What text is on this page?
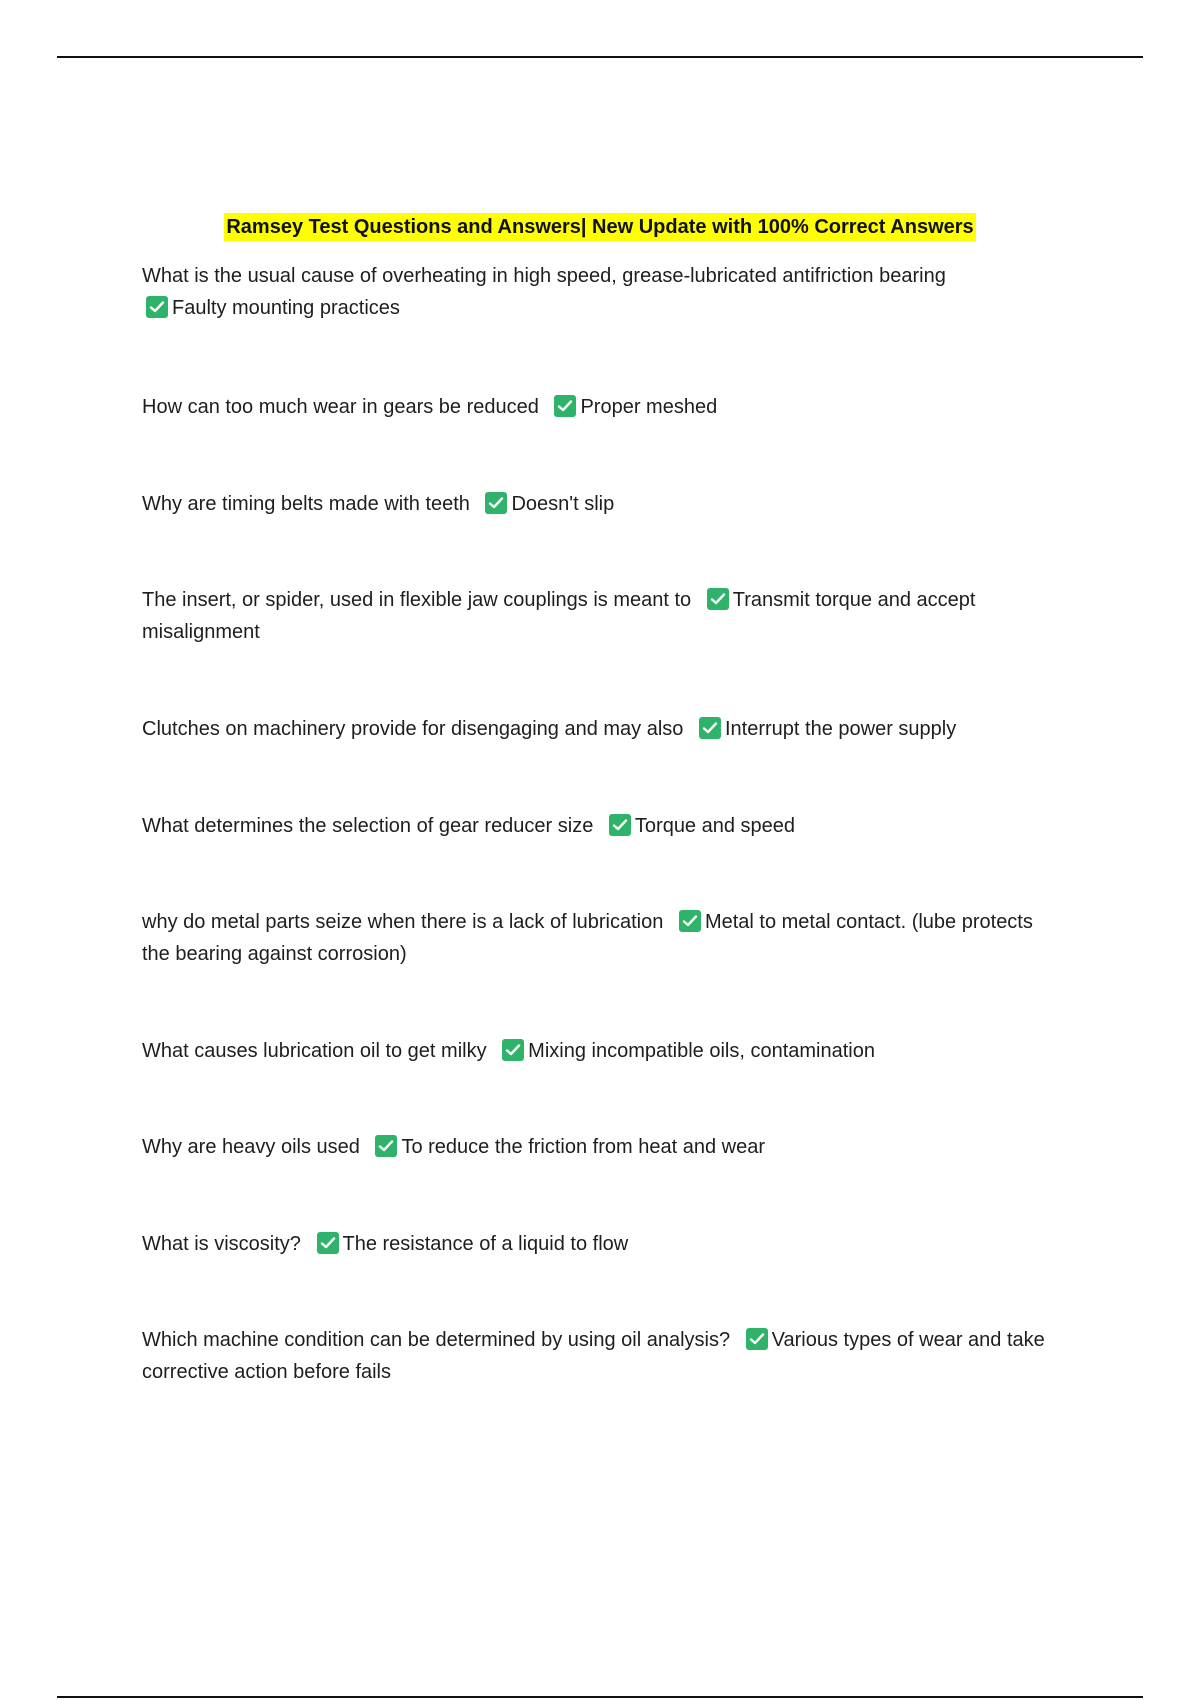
Ramsey Test Questions and Answers| New Update with 100% Correct Answers
What is the usual cause of overheating in high speed, grease-lubricated antifriction bearing

Faulty mounting practices
How can too much wear in gears be reduced Proper meshed
Why are timing belts made with teeth Doesn't slip
The insert, or spider, used in flexible jaw couplings is meant to Transmit torque and accept misalignment
Clutches on machinery provide for disengaging and may also Interrupt the power supply
What determines the selection of gear reducer size Torque and speed
why do metal parts seize when there is a lack of lubrication Metal to metal contact. (lube protects the bearing against corrosion)
What causes lubrication oil to get milky Mixing incompatible oils, contamination
Why are heavy oils used To reduce the friction from heat and wear
What is viscosity? The resistance of a liquid to flow
Which machine condition can be determined by using oil analysis? Various types of wear and take corrective action before fails
